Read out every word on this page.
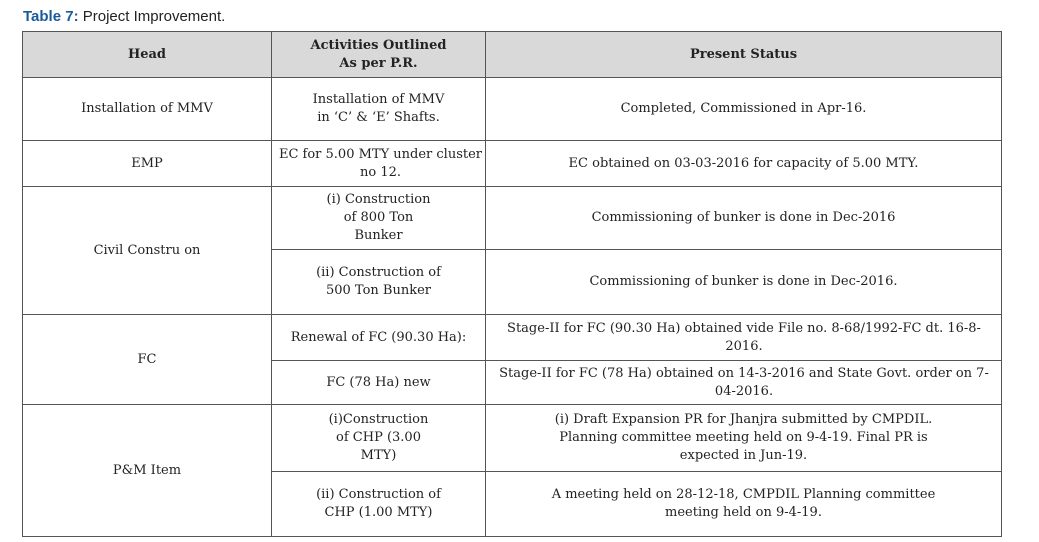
Table 7: Project Improvement.
Head	Activities Outlined As per P.R.	Present Status
Installation of MMV	Installation of MMV in ‘C’ & ‘E’ Shafts.	Completed, Commissioned in Apr-16.
EMP	EC for 5.00 MTY under cluster no 12.	EC obtained on 03-03-2016 for capacity of 5.00 MTY.
Civil Constru on	(i) Construction of 800 Ton Bunker	Commissioning of bunker is done in Dec-2016
	(ii) Construction of 500 Ton Bunker	Commissioning of bunker is done in Dec-2016.
FC	Renewal of FC (90.30 Ha):	Stage-II for FC (90.30 Ha) obtained vide File no. 8-68/1992-FC dt. 16-8-2016.
	FC (78 Ha) new	Stage-II for FC (78 Ha) obtained on 14-3-2016 and State Govt. order on 7-04-2016.
P&M Item	(i)Construction of CHP (3.00 MTY)	(i) Draft Expansion PR for Jhanjra submitted by CMPDIL. Planning committee meeting held on 9-4-19. Final PR is expected in Jun-19.
	(ii) Construction of CHP (1.00 MTY)	A meeting held on 28-12-18, CMPDIL Planning committee meeting held on 9-4-19.
